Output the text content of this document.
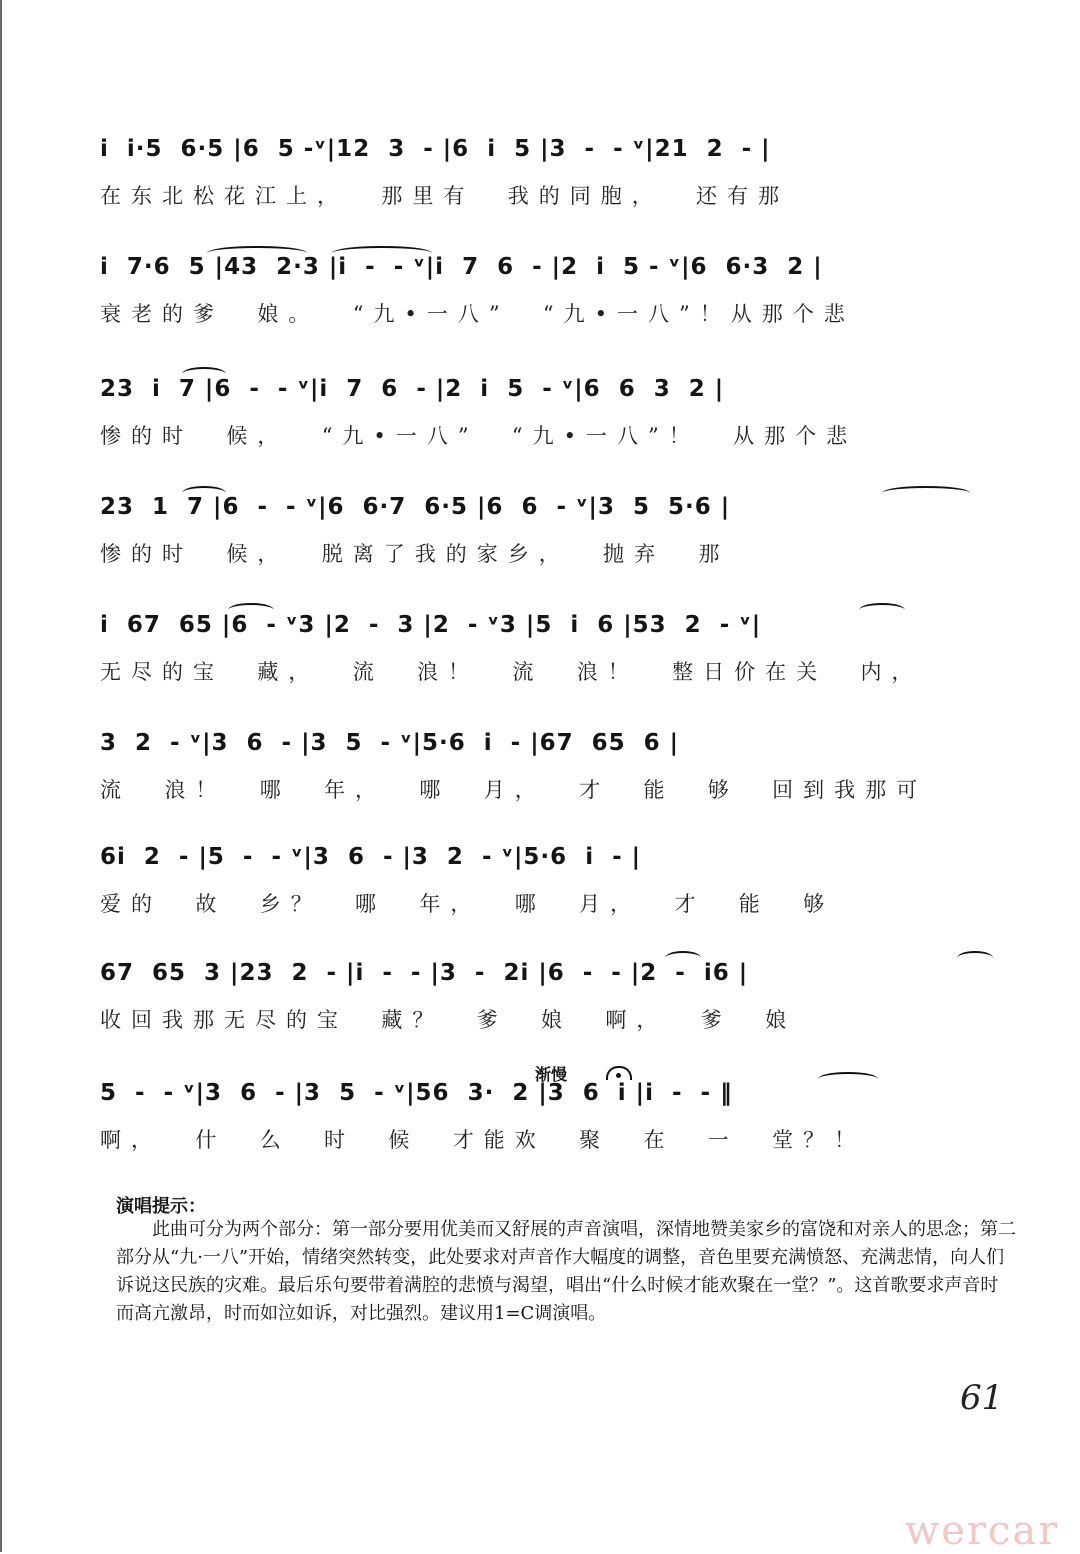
i  i·5  6·5 |6  5 -ᵛ|12  3  - |6  i  5 |3  -  - ᵛ|21  2  - |
在东北松花江上，  那里有  我的同胞，  还有那
i  7·6  5 |43  2·3 |i  -  - ᵛ|i  7  6  - |2  i  5 - ᵛ|6  6·3  2 |
衰老的爹  娘。  “九•一八”  “九•一八”！从那个悲
23  i  7 |6  -  - ᵛ|i  7  6  - |2  i  5  - ᵛ|6  6  3  2 |
惨的时  候，  “九•一八”  “九•一八”！  从那个悲
23  1  7 |6  -  - ᵛ|6  6·7  6·5 |6  6  - ᵛ|3  5  5·6 |
惨的时  候，  脱离了我的家乡，  抛弃  那
i  67  65 |6  - ᵛ3 |2  -  3 |2  - ᵛ3 |5  i  6 |53  2  - ᵛ|
无尽的宝  藏，  流  浪！  流  浪！  整日价在关  内，
3  2  - ᵛ|3  6  - |3  5  - ᵛ|5·6  i  - |67  65  6 |
流  浪！  哪  年，  哪  月，  才  能  够  回到我那可
6i  2  - |5  -  - ᵛ|3  6  - |3  2  - ᵛ|5·6  i  - |
爱的  故  乡？  哪  年，  哪  月，  才  能  够
67  65  3 |23  2  - |i  -  - |3  -  2i |6  -  - |2  -  i6 |
收回我那无尽的宝  藏？  爹  娘  啊，  爹  娘
渐慢
5  -  - ᵛ|3  6  - |3  5  - ᵛ|56  3·  2 |3  6  i |i  -  - ‖
啊，  什  么  时  候  才能欢  聚  在  一  堂？！
演唱提示：
此曲可分为两个部分：第一部分要用优美而又舒展的声音演唱，深情地赞美家乡的富饶和对亲人的思念；第二部分从“九·一八”开始，情绪突然转变，此处要求对声音作大幅度的调整，音色里要充满愤怒、充满悲情，向人们诉说这民族的灾难。最后乐句要带着满腔的悲愤与渴望，唱出“什么时候才能欢聚在一堂？”。这首歌要求声音时而高亢激昂，时而如泣如诉，对比强烈。建议用1=C调演唱。
61
wercar
